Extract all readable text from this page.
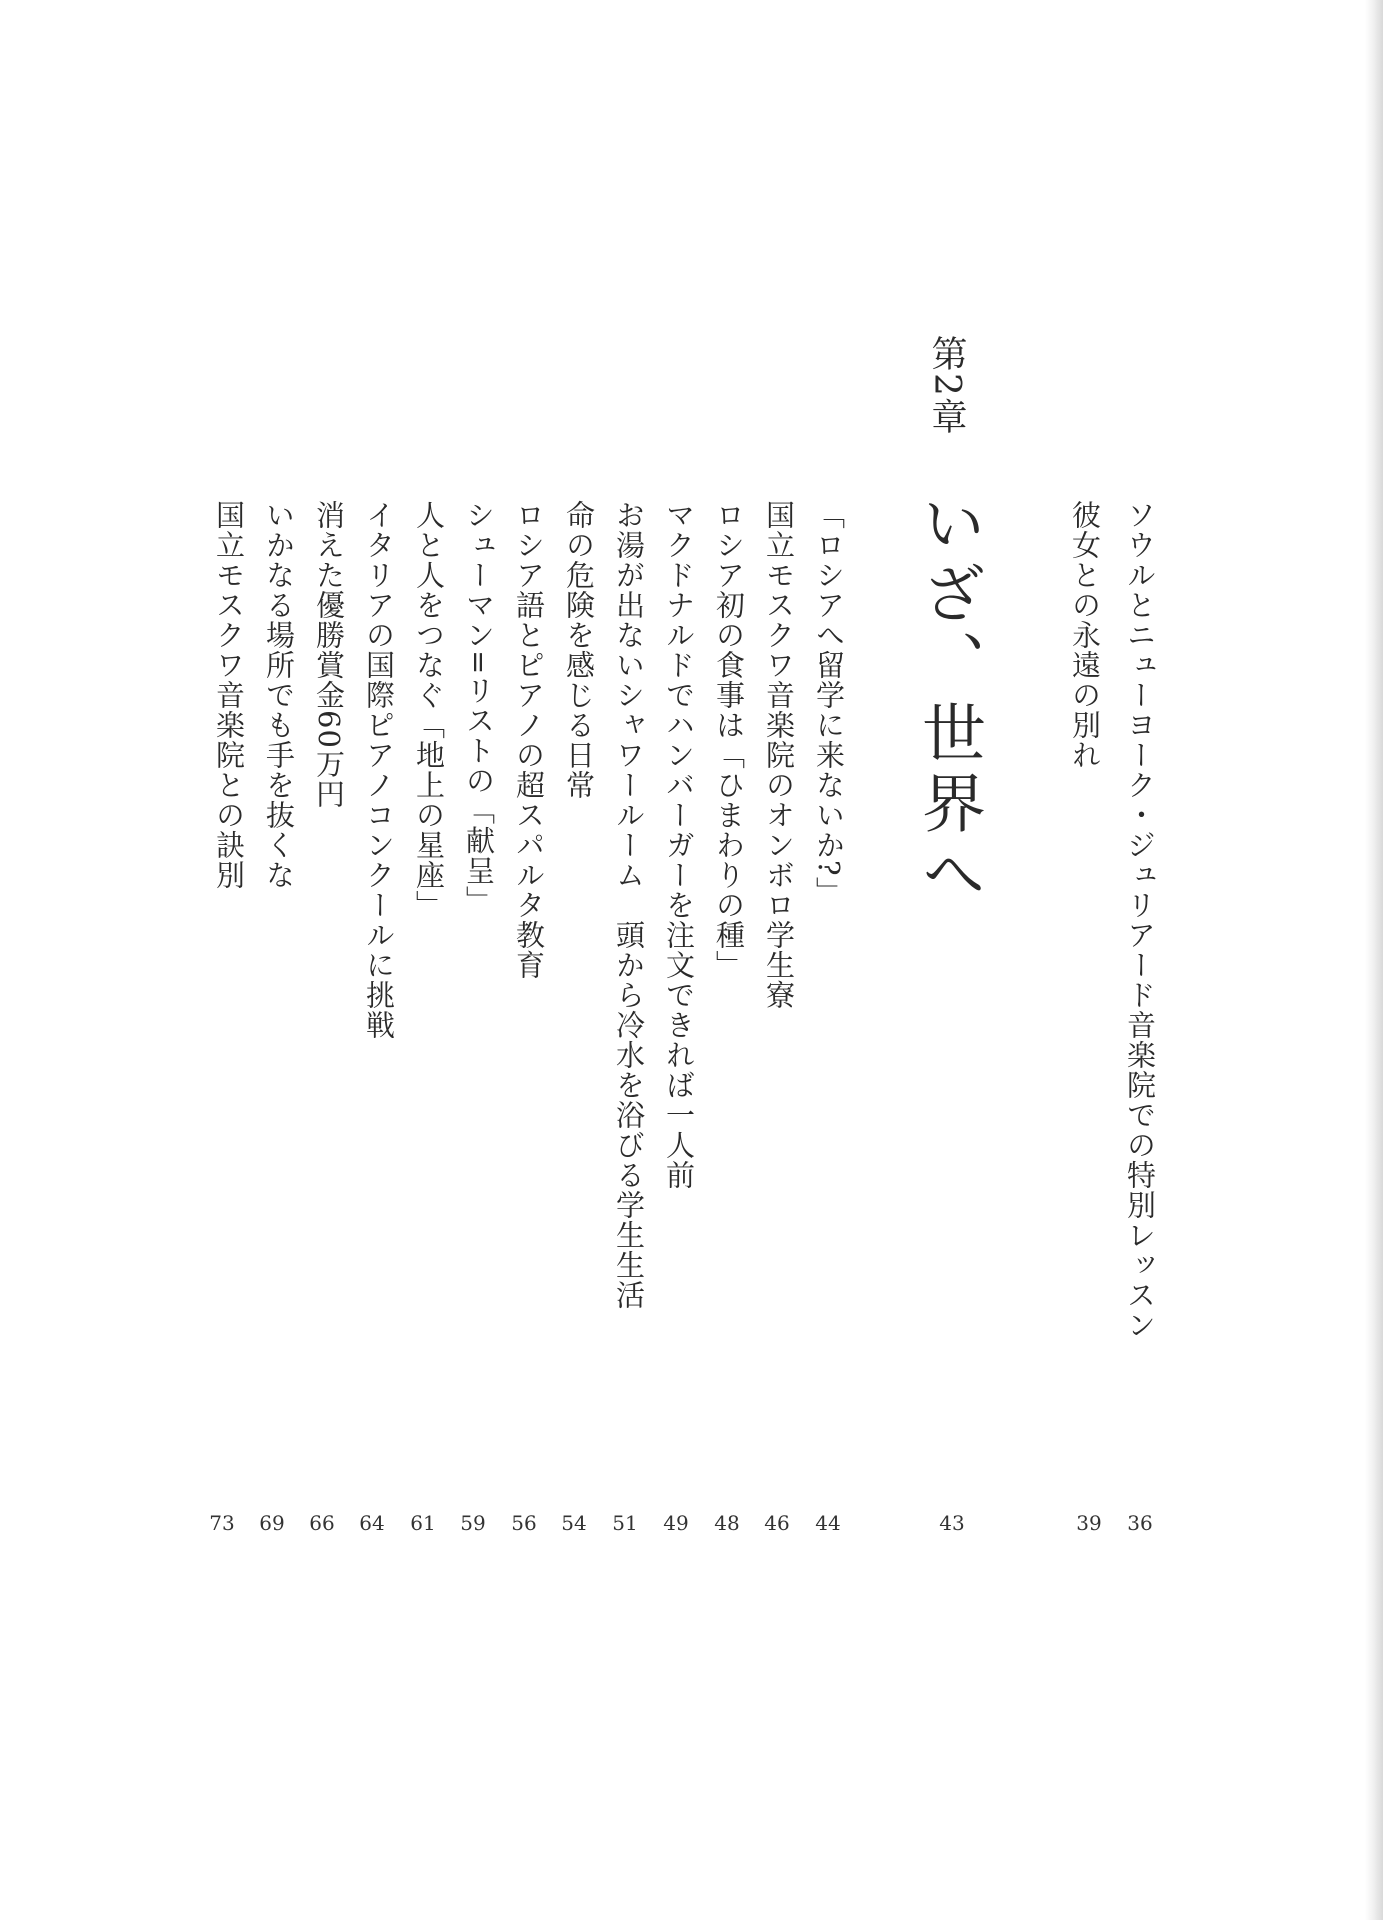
ソウルとニューヨーク・ジュリアード音楽院での特別レッスン
彼女との永遠の別れ
第2章
いざ、世界へ
「ロシアへ留学に来ないか?」
国立モスクワ音楽院のオンボロ学生寮
ロシア初の食事は「ひまわりの種」
マクドナルドでハンバーガーを注文できれば一人前
お湯が出ないシャワールーム　頭から冷水を浴びる学生生活
命の危険を感じる日常
ロシア語とピアノの超スパルタ教育
シューマン=リストの「献呈」
人と人をつなぐ「地上の星座」
イタリアの国際ピアノコンクールに挑戦
消えた優勝賞金60万円
いかなる場所でも手を抜くな
国立モスクワ音楽院との訣別
36
39
43
44
46
48
49
51
54
56
59
61
64
66
69
73
